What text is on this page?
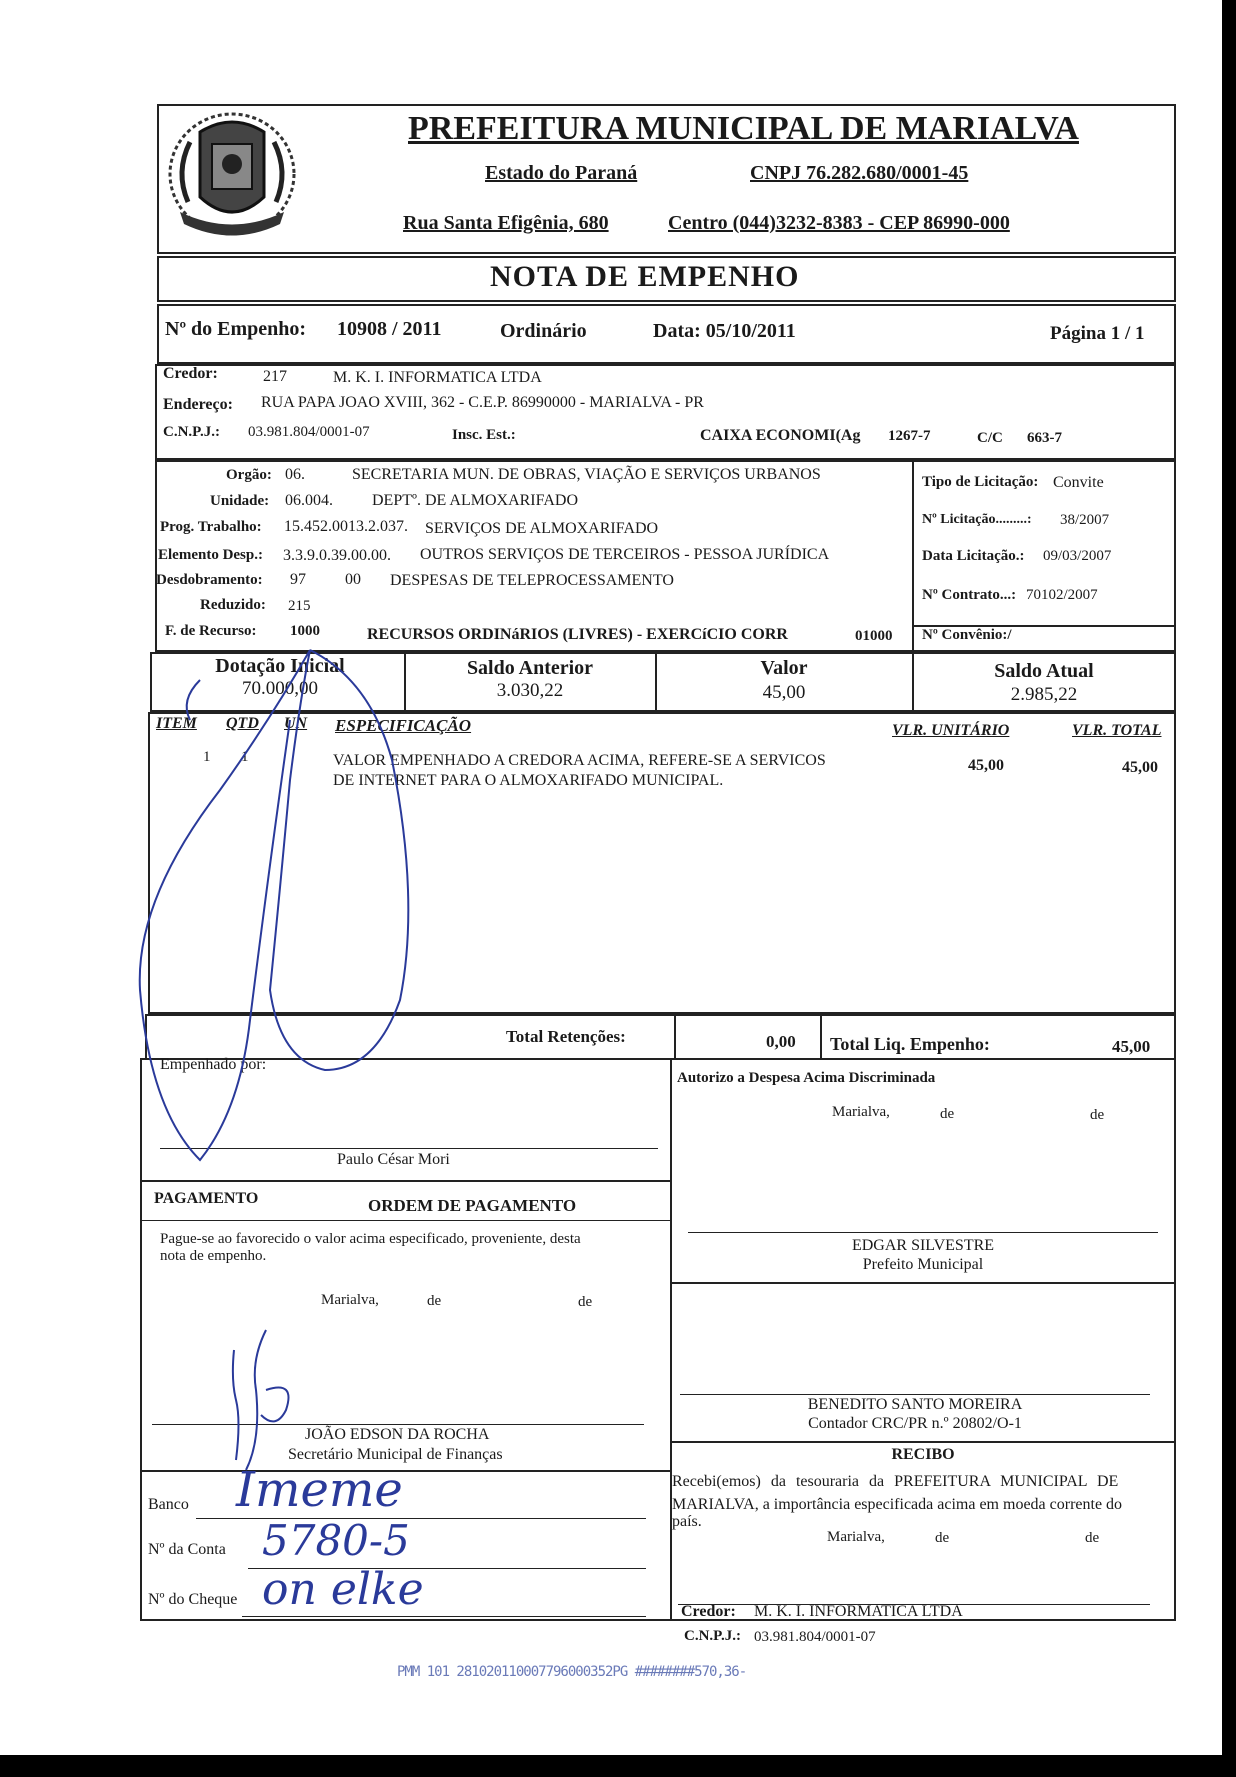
PREFEITURA MUNICIPAL DE MARIALVA
Estado do Paraná	CNPJ 76.282.680/0001-45
Rua Santa Efigênia, 680	Centro (044)3232-8383 - CEP 86990-000
NOTA DE EMPENHO
Nº do Empenho: 10908 / 2011	Ordinário	Data: 05/10/2011	Página 1 / 1
Credor:	217	M. K. I. INFORMATICA LTDA
Endereço: RUA PAPA JOAO XVIII, 362 - C.E.P. 86990000 - MARIALVA - PR
C.N.P.J.: 03.981.804/0001-07	Insc. Est.:	CAIXA ECONOMI(Ag 1267-7	C/C 663-7
Orgão: 06.	SECRETARIA MUN. DE OBRAS, VIAÇÃO E SERVIÇOS URBANOS
Unidade: 06.004. DEPTº. DE ALMOXARIFADO
Prog. Trabalho: 15.452.0013.2.037. SERVIÇOS DE ALMOXARIFADO
Elemento Desp.: 3.3.9.0.39.00.00. OUTROS SERVIÇOS DE TERCEIROS - PESSOA JURÍDICA
Desdobramento: 97 00 DESPESAS DE TELEPROCESSAMENTO
Reduzido: 215
F. de Recurso: 1000	RECURSOS ORDINáRIOS (LIVRES) - EXERCíCIO CORR	01000
Tipo de Licitação: Convite
Nº Licitação.........: 38/2007
Data Licitação.: 09/03/2007
Nº Contrato...: 70102/2007
Nº Convênio:/
Dotação Inicial
70.000,00
Saldo Anterior
3.030,22
Valor
45,00
Saldo Atual
2.985,22
ITEM QTD UN ESPECIFICAÇÃO	VLR. UNITÁRIO	VLR. TOTAL
1 1	VALOR EMPENHADO A CREDORA ACIMA, REFERE-SE A SERVICOS
DE INTERNET PARA O ALMOXARIFADO MUNICIPAL.
45,00	45,00
Total Retenções:	0,00 Total Liq. Empenho:	45,00
Empenhado por:
Paulo César Mori
PAGAMENTO	ORDEM DE PAGAMENTO
Pague-se ao favorecido o valor acima especificado, proveniente, desta
nota de empenho.
Marialva,	de	de
JOÃO EDSON DA ROCHA
Secretário Municipal de Finanças
Banco Imeme
Nº da Conta 5780-5
Nº do Cheque on elke
Autorizo a Despesa Acima Discriminada
Marialva,	de	de
EDGAR SILVESTRE
Prefeito Municipal
BENEDITO SANTO MOREIRA
Contador CRC/PR n.º 20802/O-1
RECIBO
Recebi(emos) da tesouraria da PREFEITURA MUNICIPAL DE
MARIALVA, a importância especificada acima em moeda corrente do
país.
Marialva,	de	de
Credor: M. K. I. INFORMATICA LTDA
C.N.P.J.: 03.981.804/0001-07
PMM 101 281020110007796000352PG ########570,36-
